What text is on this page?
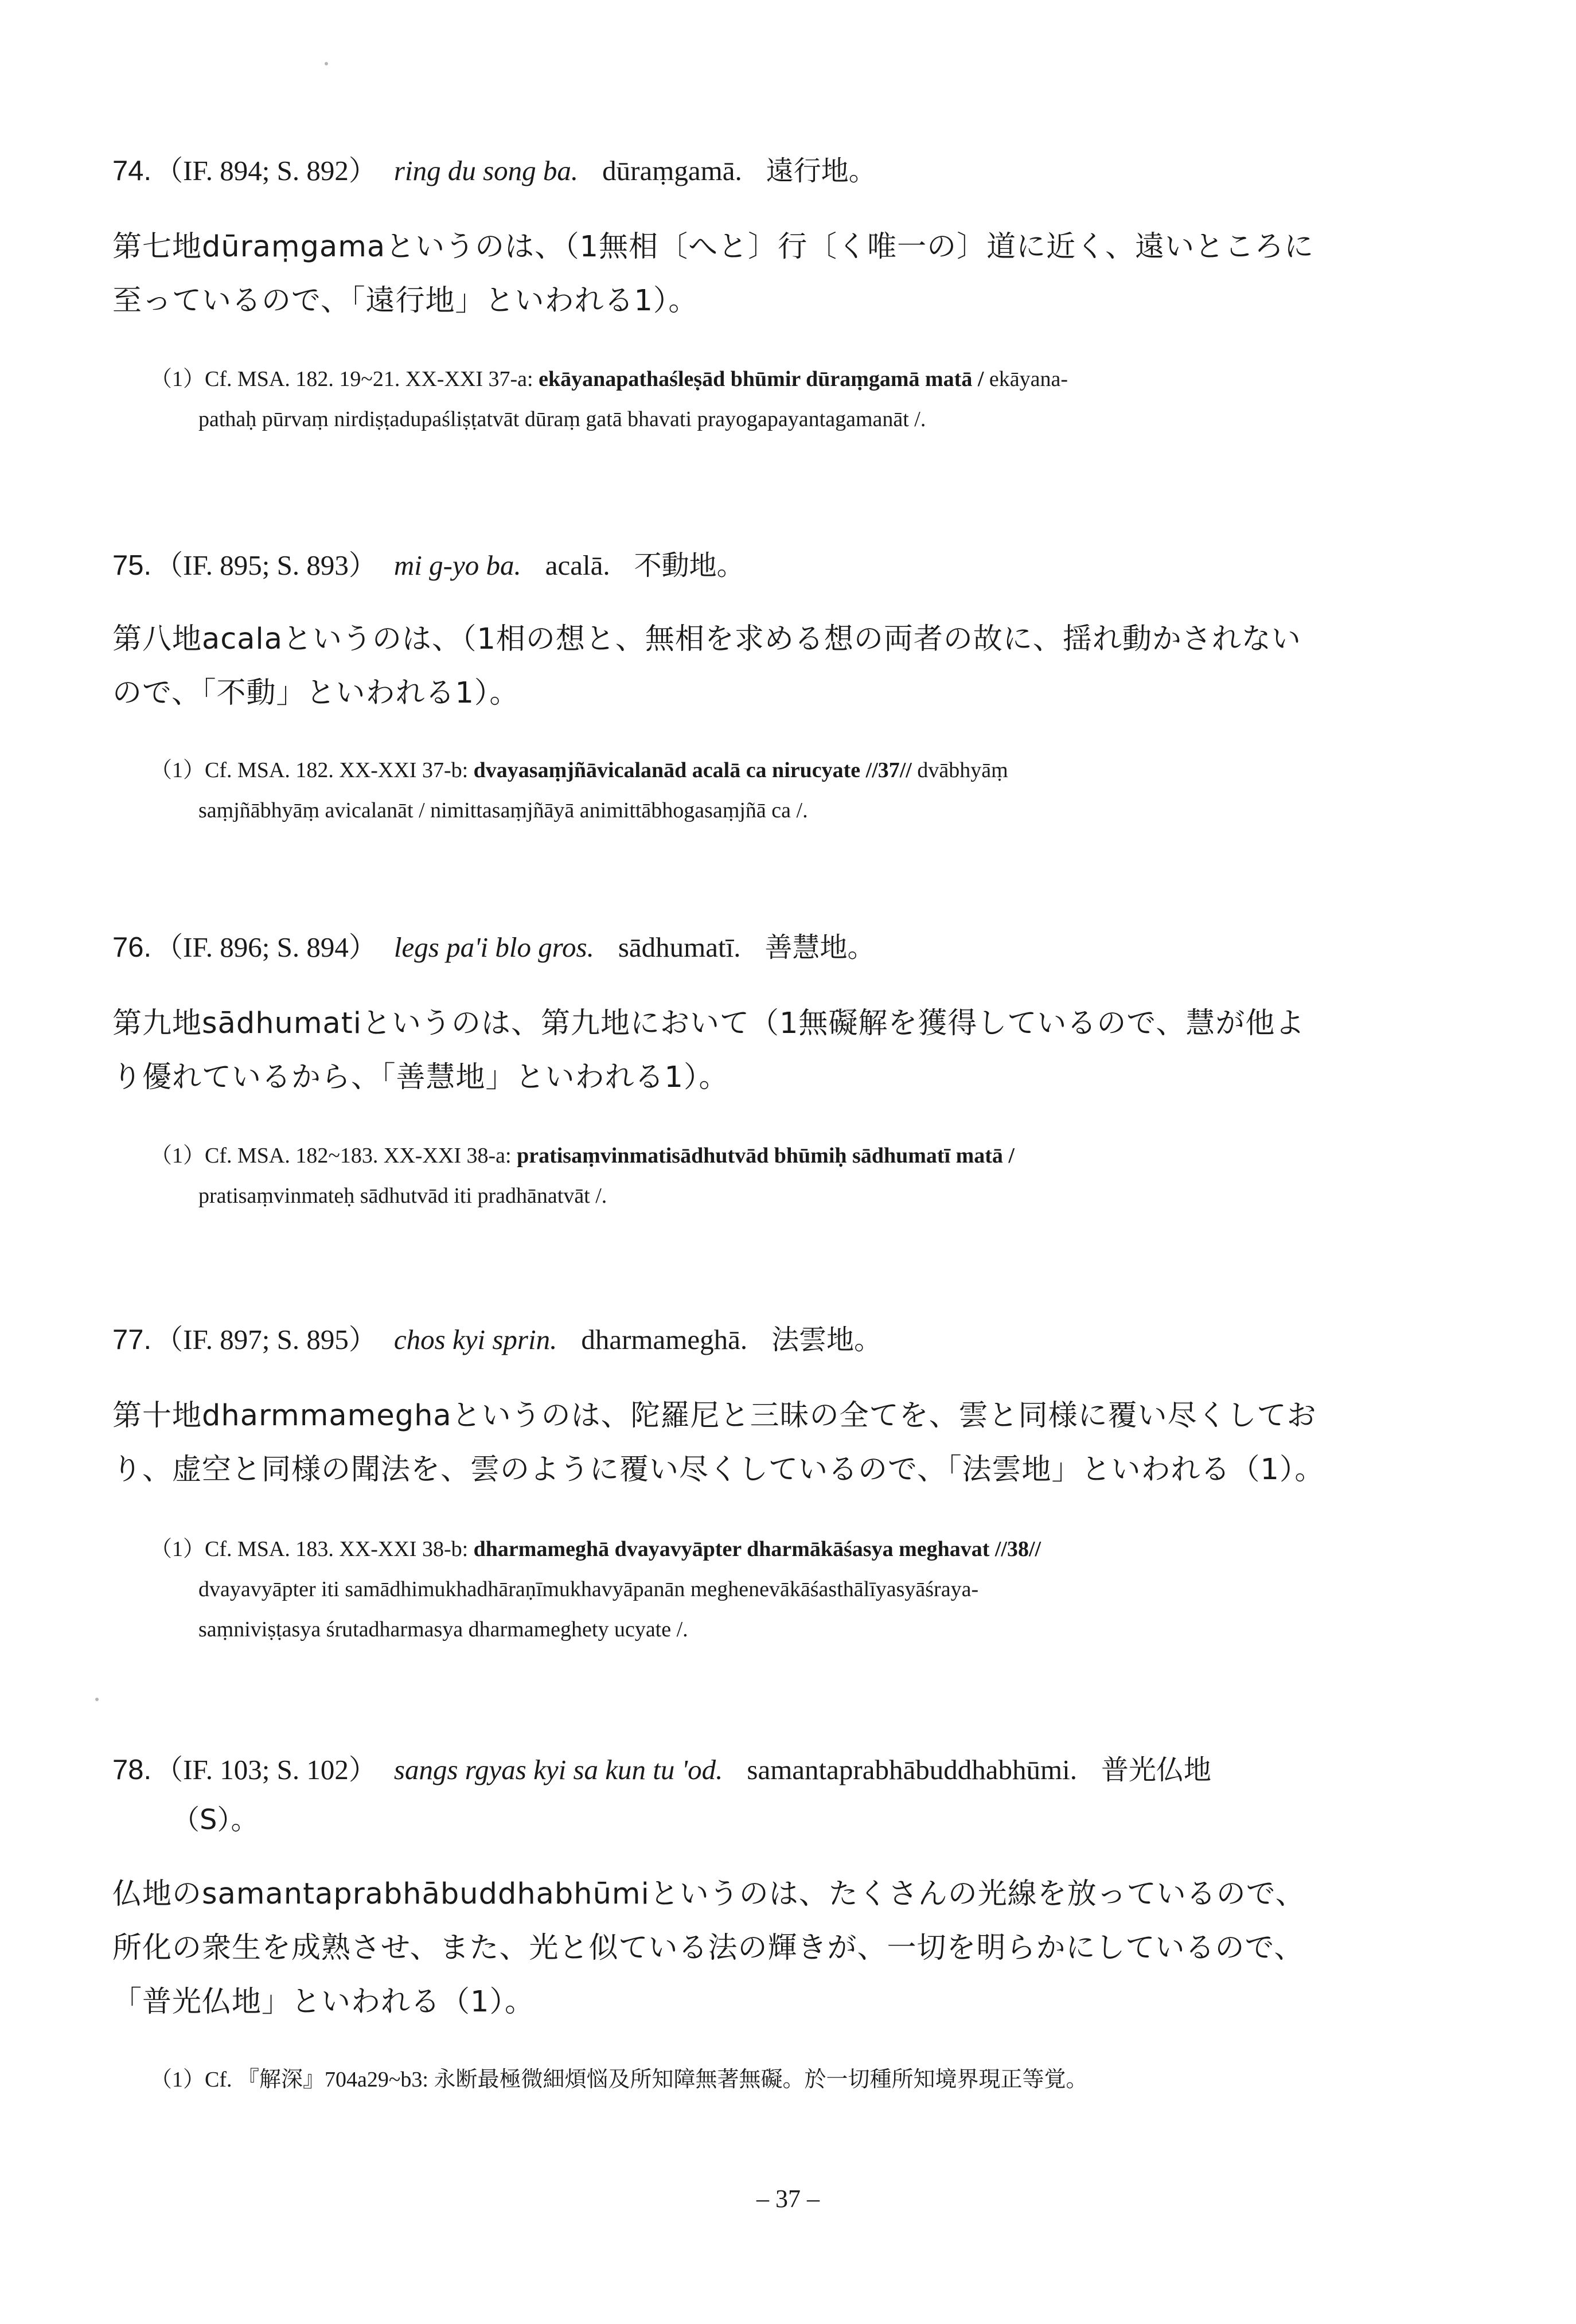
74. （IF. 894; S. 892） ring du song ba. dūraṃgamā. 遠行地。
第七地dūraṃgamaというのは、（1無相〔へと〕行〔く唯一の〕道に近く、遠いところに至っているので、「遠行地」といわれる1）。
（1）Cf. MSA. 182. 19~21. XX-XXI 37-a: ekāyanapathaśleṣād bhūmir dūraṃgamā matā / ekāyana-
pathaḥ pūrvaṃ nirdiṣṭadupaśliṣṭatvāt dūraṃ gatā bhavati prayogapayantagamanāt /.
75. （IF. 895; S. 893） mi g-yo ba. acalā. 不動地。
第八地acalaというのは、（1相の想と、無相を求める想の両者の故に、揺れ動かされないので、「不動」といわれる1）。
（1）Cf. MSA. 182. XX-XXI 37-b: dvayasaṃjñāvicalanād acalā ca nirucyate //37// dvābhyāṃ
saṃjñābhyāṃ avicalanāt / nimittasaṃjñāyā animittābhogasaṃjñā ca /.
76. （IF. 896; S. 894） legs pa'i blo gros. sādhumatī. 善慧地。
第九地sādhumatiというのは、第九地において（1無礙解を獲得しているので、慧が他より優れているから、「善慧地」といわれる1）。
（1）Cf. MSA. 182~183. XX-XXI 38-a: pratisaṃvinmatisādhutvād bhūmiḥ sādhumatī matā /
pratisaṃvinmateḥ sādhutvād iti pradhānatvāt /.
77. （IF. 897; S. 895） chos kyi sprin. dharmameghā. 法雲地。
第十地dharmmameghaというのは、陀羅尼と三昧の全てを、雲と同様に覆い尽くしており、虚空と同様の聞法を、雲のように覆い尽くしているので、「法雲地」といわれる（1）。
（1）Cf. MSA. 183. XX-XXI 38-b: dharmameghā dvayavyāpter dharmākāśasya meghavat //38//
dvayavyāpter iti samādhimukhadhāraṇīmukhavyāpanān meghenevākāśasthālīyasyāśraya-
saṃniviṣṭasya śrutadharmasya dharmameghety ucyate /.
78. （IF. 103; S. 102） sangs rgyas kyi sa kun tu 'od. samantaprabhābuddhabhūmi. 普光仏地
（S）。
仏地のsamantaprabhābuddhabhūmiというのは、たくさんの光線を放っているので、所化の衆生を成熟させ、また、光と似ている法の輝きが、一切を明らかにしているので、「普光仏地」といわれる（1）。
（1）Cf. 『解深』704a29~b3: 永断最極微細煩悩及所知障無著無礙。於一切種所知境界現正等覚。
– 37 –
